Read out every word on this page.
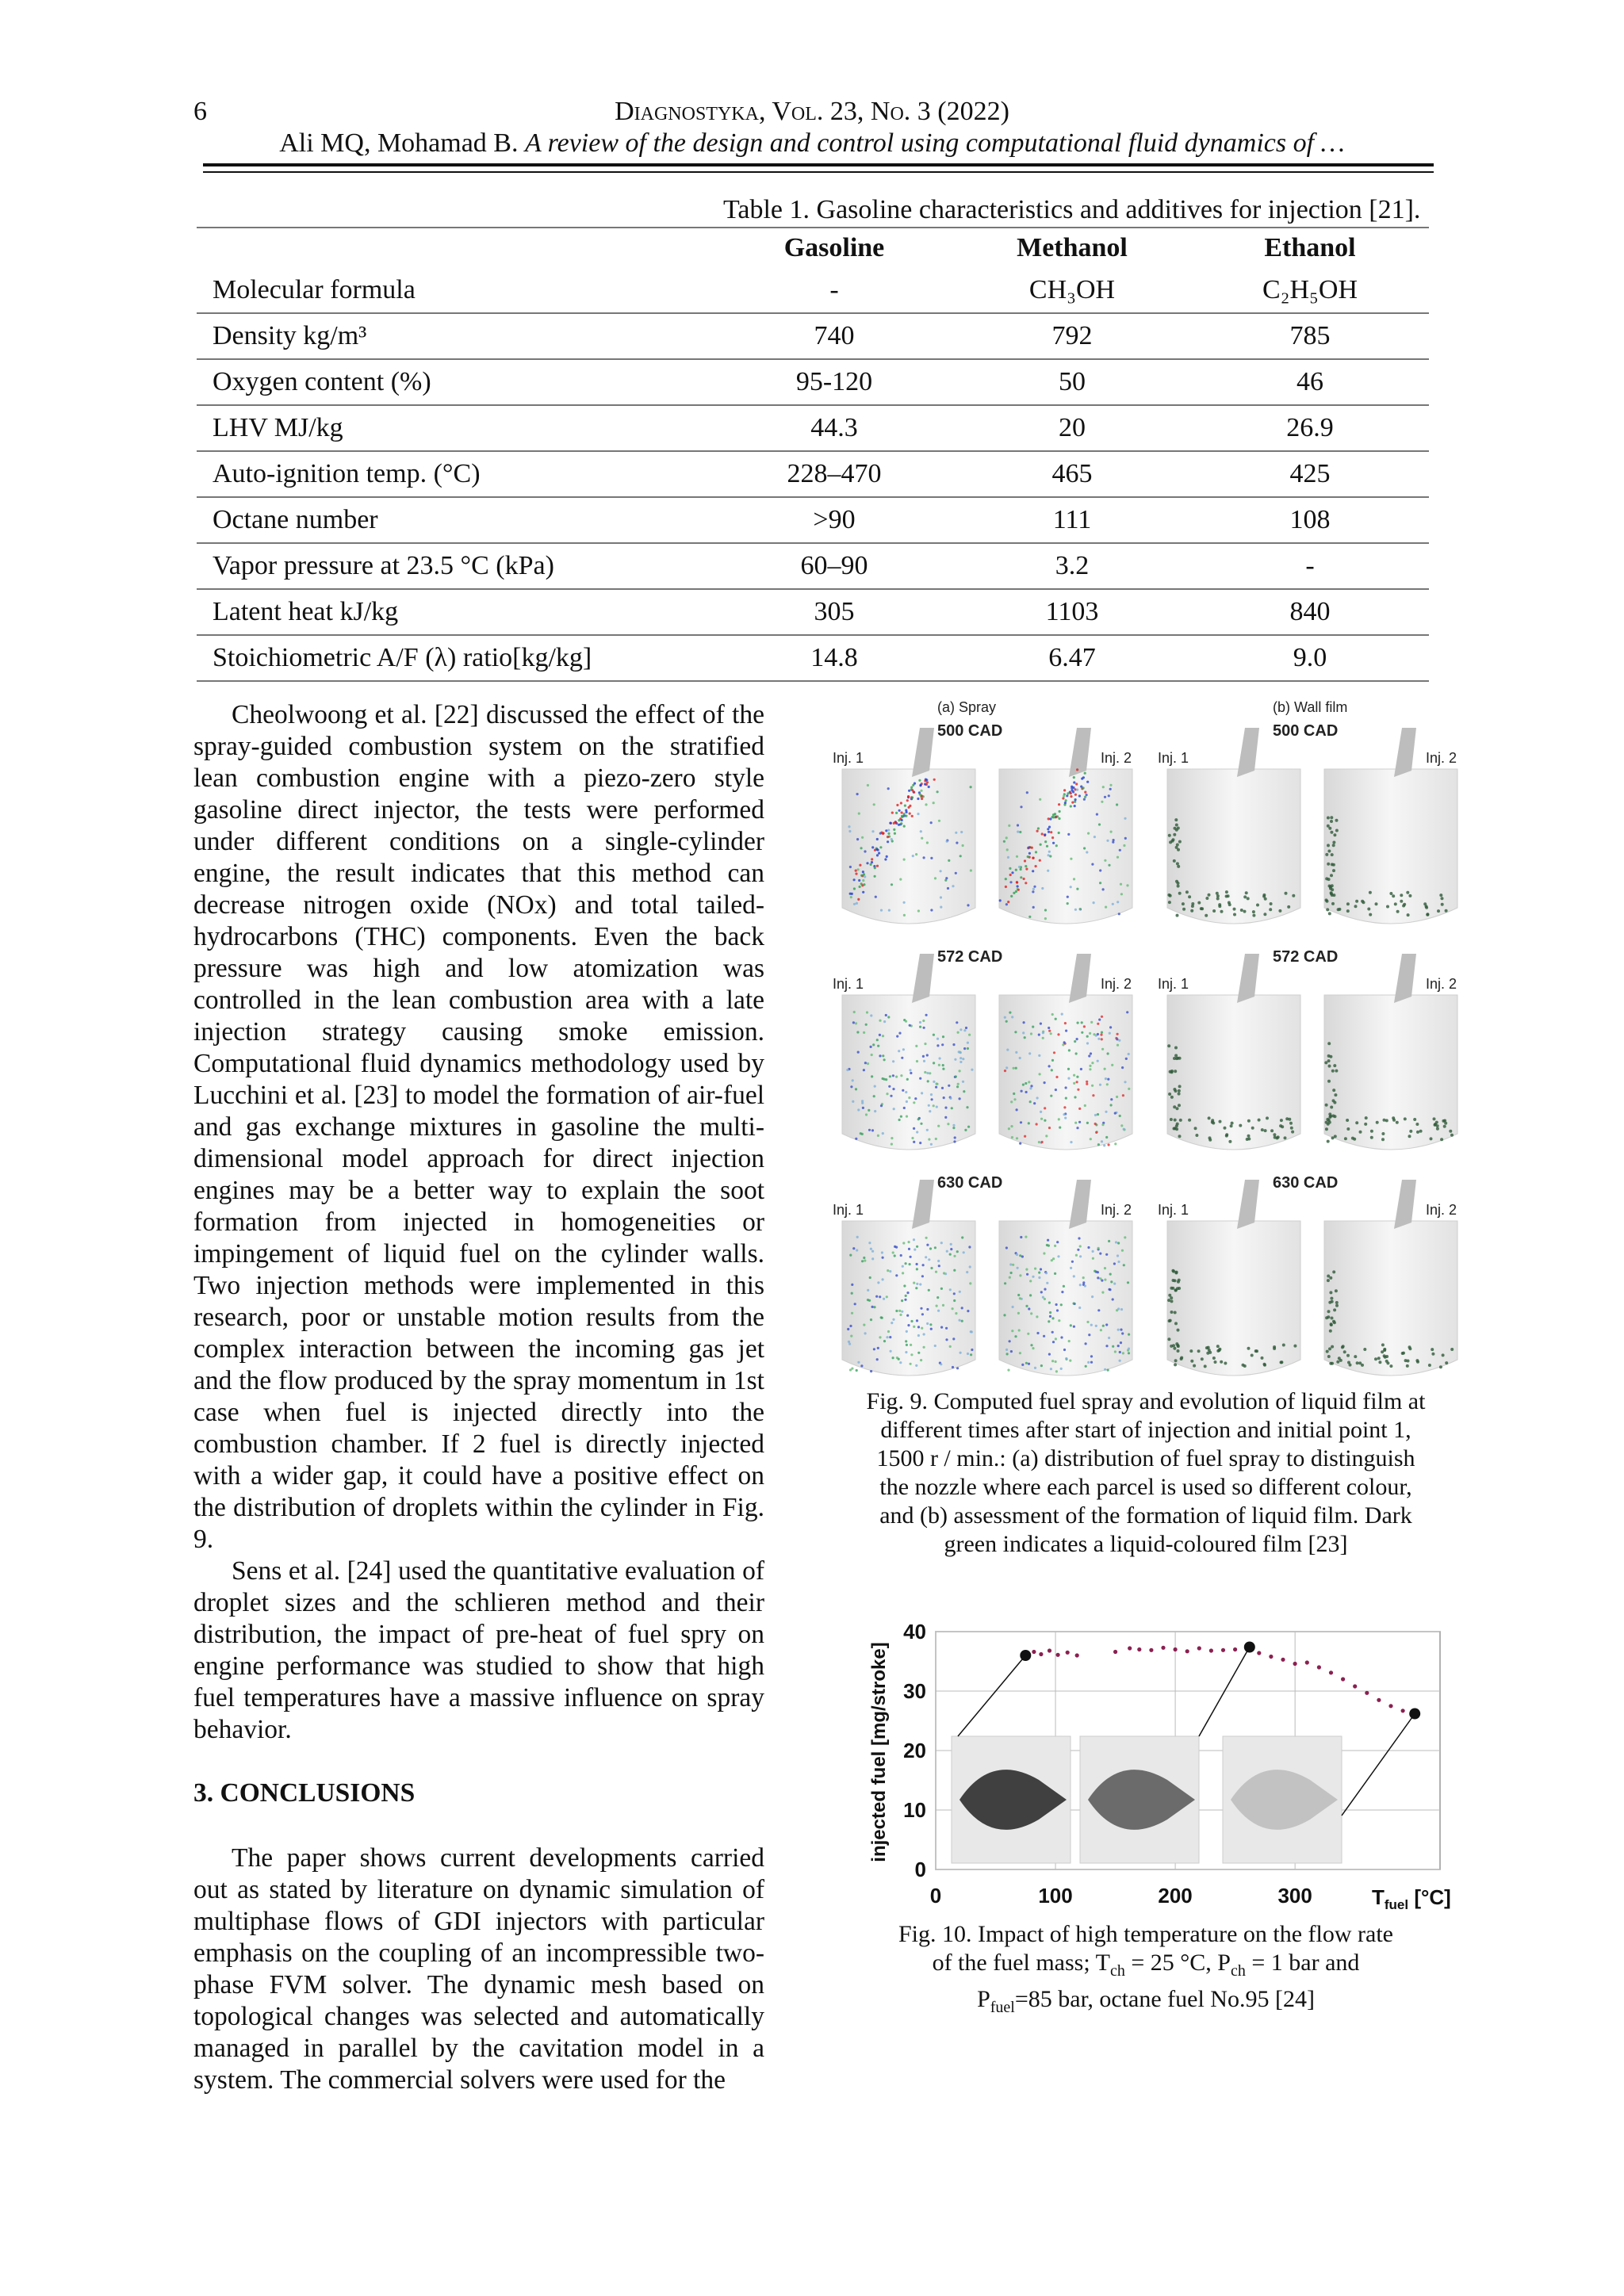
6	Diagnostyka, Vol. 23, No. 3 (2022)
Ali MQ, Mohamad B. A review of the design and control using computational fluid dynamics of …
Table 1. Gasoline characteristics and additives for injection [21].
	Gasoline	Methanol	Ethanol
Molecular formula	-	CH₃OH	C₂H₅OH
Density kg/m³	740	792	785
Oxygen content (%)	95-120	50	46
LHV MJ/kg	44.3	20	26.9
Auto-ignition temp. (°C)	228–470	465	425
Octane number	>90	111	108
Vapor pressure at 23.5 °C (kPa)	60–90	3.2	-
Latent heat kJ/kg	305	1103	840
Stoichiometric A/F (λ) ratio[kg/kg]	14.8	6.47	9.0

Cheolwoong et al. [22] discussed the effect of the spray-guided combustion system on the stratified lean combustion engine with a piezo-zero style gasoline direct injector, the tests were performed under different conditions on a single-cylinder engine, the result indicates that this method can decrease nitrogen oxide (NOx) and total tailed-hydrocarbons (THC) components. Even the back pressure was high and low atomization was controlled in the lean combustion area with a late injection strategy causing smoke emission. Computational fluid dynamics methodology used by Lucchini et al. [23] to model the formation of air-fuel and gas exchange mixtures in gasoline the multi-dimensional model approach for direct injection engines may be a better way to explain the soot formation from injected in homogeneities or impingement of liquid fuel on the cylinder walls. Two injection methods were implemented in this research, poor or unstable motion results from the complex interaction between the incoming gas jet and the flow produced by the spray momentum in 1st case when fuel is injected directly into the combustion chamber. If 2 fuel is directly injected with a wider gap, it could have a positive effect on the distribution of droplets within the cylinder in Fig. 9.

Sens et al. [24] used the quantitative evaluation of droplet sizes and the schlieren method and their distribution, the impact of pre-heat of fuel spry on engine performance was studied to show that high fuel temperatures have a massive influence on spray behavior.

3. CONCLUSIONS

The paper shows current developments carried out as stated by literature on dynamic simulation of multiphase flows of GDI injectors with particular emphasis on the coupling of an incompressible two-phase FVM solver. The dynamic mesh based on topological changes was selected and automatically managed in parallel by the cavitation model in a system. The commercial solvers were used for the

(a) Spray	(b) Wall film
500 CAD	500 CAD
Inj. 1	Inj. 2 Inj. 1	Inj. 2
572 CAD	572 CAD
Inj. 1	Inj. 2 Inj. 1	Inj. 2
630 CAD	630 CAD
Inj. 1	Inj. 2 Inj. 1	Inj. 2
Fig. 9. Computed fuel spray and evolution of liquid film at different times after start of injection and initial point 1, 1500 r / min.: (a) distribution of fuel spray to distinguish the nozzle where each parcel is used so different colour, and (b) assessment of the formation of liquid film. Dark green indicates a liquid-coloured film [23]
0
10
20
30
40
0	100	200	300
injected fuel [mg/stroke]
$T_{fuel}$ [°C]
Fig. 10. Impact of high temperature on the flow rate
of the fuel mass; $T_{ch} = 25$ °C, $P_{ch} = 1$ bar and
$P_{fuel}=85$ bar, octane fuel No.95 [24]
